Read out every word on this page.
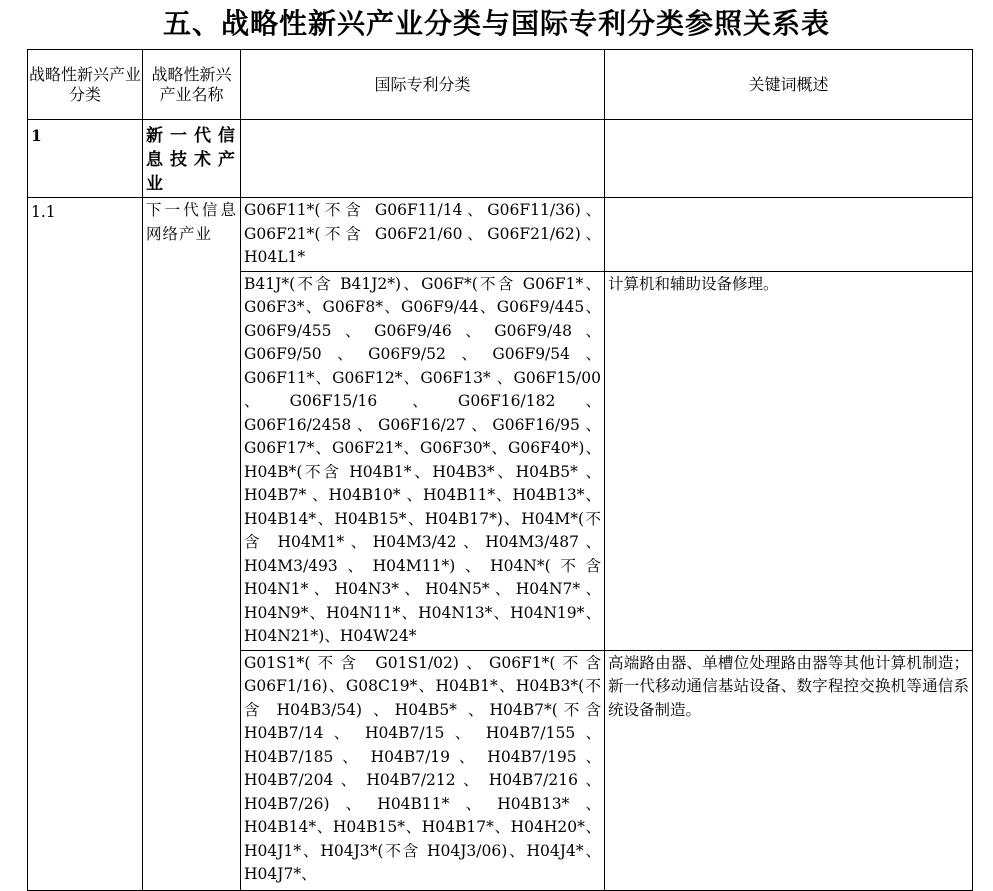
五、战略性新兴产业分类与国际专利分类参照关系表
战略性新兴产业分类	战略性新兴产业名称	国际专利分类	关键词概述
1	新一代信息技术产业		
1.1	下一代信息网络产业	G06F11*(不含 G06F11/14、G06F11/36)、G06F21*(不含 G06F21/60、G06F21/62)、H04L1*	
		B41J*(不含 B41J2*)、G06F*(不含 G06F1*、G06F3*、G06F8*、G06F9/44、G06F9/445、G06F9/455、G06F9/46、G06F9/48、G06F9/50、G06F9/52、G06F9/54、G06F11*、G06F12*、G06F13* 、G06F15/00 、G06F15/16 、G06F16/182、G06F16/2458、G06F16/27、G06F16/95、G06F17*、G06F21*、G06F30*、G06F40*)、H04B*(不含 H04B1*、H04B3*、H04B5* 、H04B7* 、H04B10* 、H04B11*、H04B13*、H04B14*、H04B15*、H04B17*)、H04M*(不含 H04M1*、H04M3/42、H04M3/487、H04M3/493、H04M11*)、H04N*(不含 H04N1*、H04N3*、H04N5*、H04N7*、H04N9*、H04N11*、H04N13*、H04N19*、H04N21*)、H04W24*	计算机和辅助设备修理。
		G01S1*(不含 G01S1/02)、G06F1*(不含 G06F1/16)、G08C19*、H04B1*、H04B3*(不含 H04B3/54) 、H04B5* 、H04B7*(不含 H04B7/14 、 H04B7/15 、 H04B7/155 、 H04B7/185 、 H04B7/19 、 H04B7/195 、 H04B7/204 、 H04B7/212 、 H04B7/216 、 H04B7/26)、H04B11*、H04B13*、H04B14*、H04B15*、H04B17*、H04H20*、H04J1*、H04J3*(不含 H04J3/06)、H04J4*、H04J7*、	高端路由器、单槽位处理路由器等其他计算机制造；新一代移动通信基站设备、数字程控交换机等通信系统设备制造。
